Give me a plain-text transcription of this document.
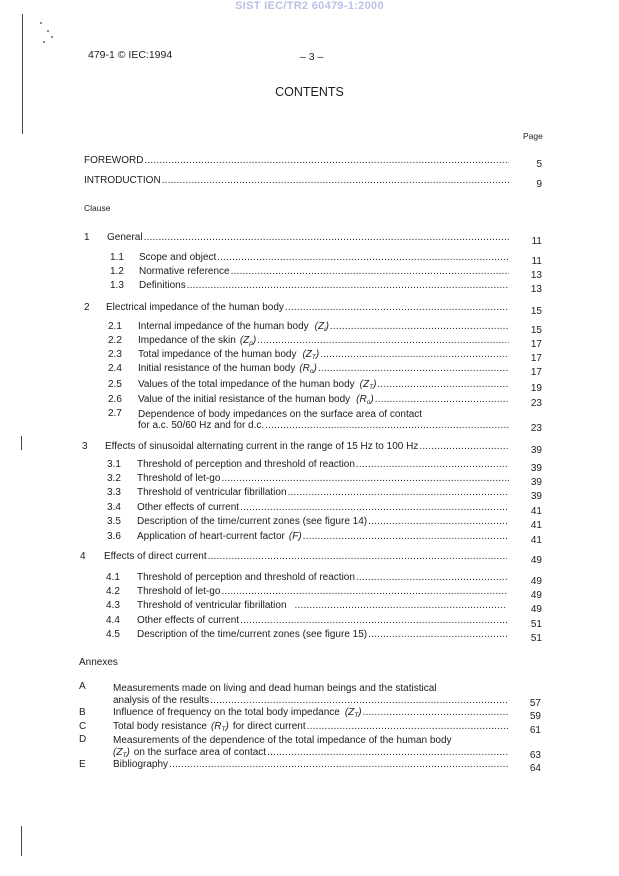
SIST IEC/TR2 60479-1:2000
479-1 © IEC:1994	– 3 –
CONTENTS
Page
FOREWORD .....	5
INTRODUCTION .....	9
Clause
1 General .....	11
1.1 Scope and object .....	11
1.2 Normative reference .....	13
1.3 Definitions .....	13
2 Electrical impedance of the human body .....	15
2.1 Internal impedance of the human body $(Z_i)$ .....	15
2.2 Impedance of the skin $(Z_p)$ .....	17
2.3 Total impedance of the human body $(Z_T)$ .....	17
2.4 Initial resistance of the human body $(R_o)$ .....	17
2.5 Values of the total impedance of the human body $(Z_T)$ .....	19
2.6 Value of the initial resistance of the human body $(R_o)$ .....	23
2.7 Dependence of body impedances on the surface area of contact
for a.c. 50/60 Hz and for d.c. .....	23
3 Effects of sinusoidal alternating current in the range of 15 Hz to 100 Hz .....	39
3.1 Threshold of perception and threshold of reaction .....	39
3.2 Threshold of let-go .....	39
3.3 Threshold of ventricular fibrillation .....	39
3.4 Other effects of current .....	41
3.5 Description of the time/current zones (see figure 14) .....	41
3.6 Application of heart-current factor (F) .....	41
4 Effects of direct current .....	49
4.1 Threshold of perception and threshold of reaction .....	49
4.2 Threshold of let-go .....	49
4.3 Threshold of ventricular fibrillation .....	49
4.4 Other effects of current .....	51
4.5 Description of the time/current zones (see figure 15) .....	51
Annexes
A	Measurements made on living and dead human beings and the statistical
analysis of the results .....	57
B	Influence of frequency on the total body impedance $(Z_T)$ .....	59
C	Total body resistance $(R_T)$ for direct current .....	61
D	Measurements of the dependence of the total impedance of the human body
$(Z_T)$ on the surface area of contact .....	63
E	Bibliography .....	64
